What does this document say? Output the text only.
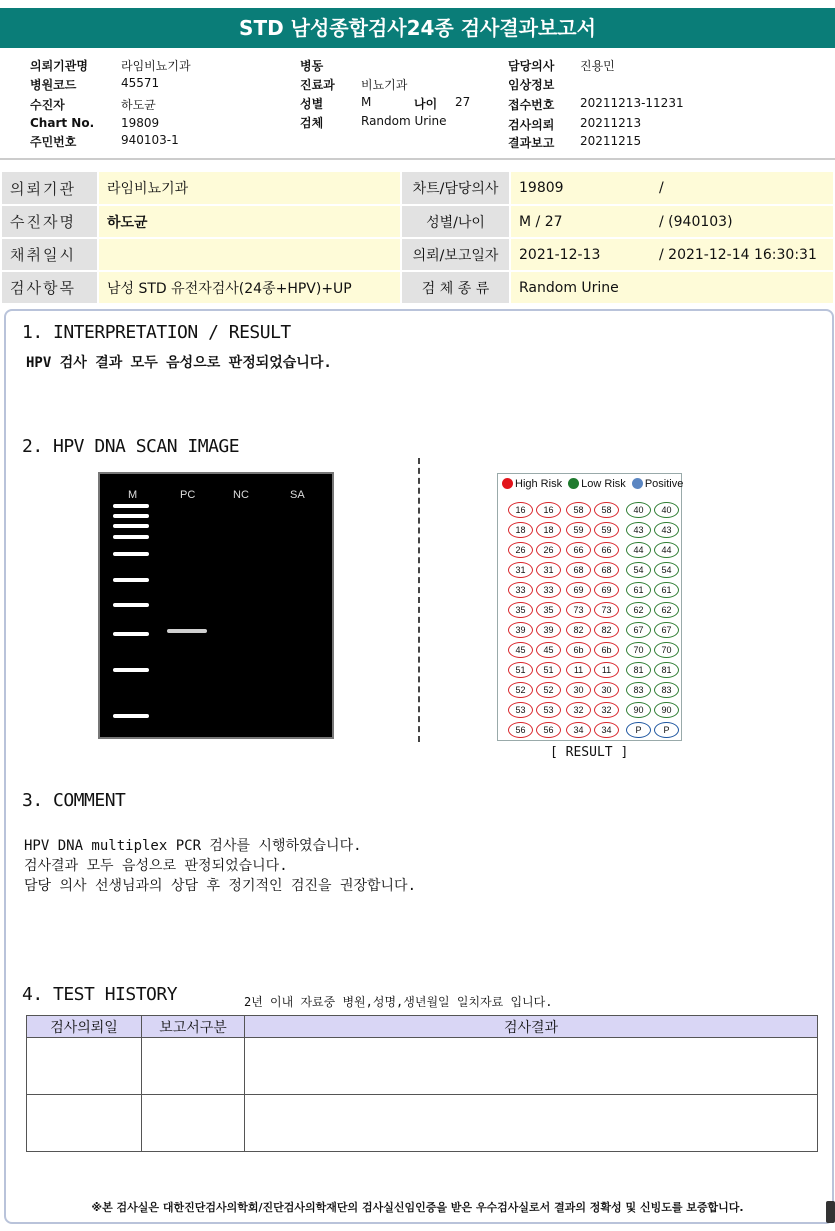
STD 남성종합검사24종 검사결과보고서
의뢰기관명	라임비뇨기과
병원코드	45571
수진자	하도균
Chart No. 19809
주민번호	940103-1
병동
진료과 비뇨기과
성별	M	나이 27
검체	Random Urine
담당의사 진용민
임상정보
접수번호 20211213-11231
검사의뢰 20211213
결과보고 20211215
의뢰기관	라임비뇨기과	차트/담당의사	19809 /

수진자명	하도균	성별/나이	M / 27 / (940103)

채취일시		의뢰/보고일자	2021-12-13 / 2021-12-14 16:30:31

검사항목	남성 STD 유전자검사(24종+HPV)+UP	검 체 종 류	Random Urine
1. INTERPRETATION / RESULT
HPV 검사 결과 모두 음성으로 판정되었습니다.
2. HPV DNA SCAN IMAGE
M	PC	NC	SA
High Risk Low Risk Positive
16	16
18	18
26	26
31	31
33	33
35	35
39	39
45	45
51	51
52	52
53	53
56	56
58	58
59	59
66	66
68	68
69	69
73	73
82	82
6b	6b
11	11
30	30
32	32
34	34
40	40
43	43
44	44
54	54
61	61
62	62
67	67
70	70
81	81
83	83
90	90
P	P
[ RESULT ]
3. COMMENT
HPV DNA multiplex PCR 검사를 시행하였습니다.
검사결과 모두 음성으로 판정되었습니다.
담당 의사 선생님과의 상담 후 정기적인 검진을 권장합니다.
4. TEST HISTORY	2년 이내 자료중 병원,성명,생년월일 일치자료 입니다.
검사의뢰일	보고서구분	검사결과

※본 검사실은 대한진단검사의학회/진단검사의학재단의 검사실신임인증을 받은 우수검사실로서 결과의 정확성 및 신빙도를 보증합니다.
